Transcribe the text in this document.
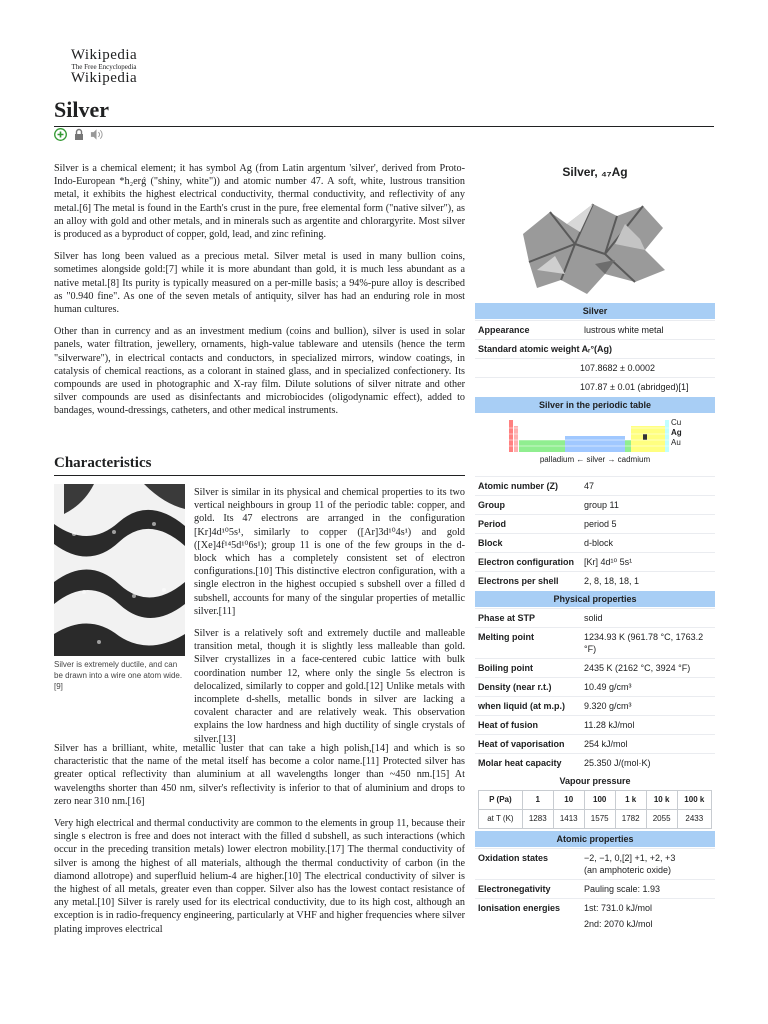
Wikipedia
The Free Encyclopedia
Wikipedia
Silver

Silver is a chemical element; it has symbol Ag (from Latin argentum 'silver', derived from Proto-Indo-European *h₂erǵ ("shiny, white")) and atomic number 47. A soft, white, lustrous transition metal, it exhibits the highest electrical conductivity, thermal conductivity, and reflectivity of any metal.[6] The metal is found in the Earth's crust in the pure, free elemental form ("native silver"), as an alloy with gold and other metals, and in minerals such as argentite and chlorargyrite. Most silver is produced as a byproduct of copper, gold, lead, and zinc refining.

Silver has long been valued as a precious metal. Silver metal is used in many bullion coins, sometimes alongside gold:[7] while it is more abundant than gold, it is much less abundant as a native metal.[8] Its purity is typically measured on a per-mille basis; a 94%-pure alloy is described as "0.940 fine". As one of the seven metals of antiquity, silver has had an enduring role in most human cultures.

Other than in currency and as an investment medium (coins and bullion), silver is used in solar panels, water filtration, jewellery, ornaments, high-value tableware and utensils (hence the term "silverware"), in electrical contacts and conductors, in specialized mirrors, window coatings, in catalysis of chemical reactions, as a colorant in stained glass, and in specialized confectionery. Its compounds are used in photographic and X-ray film. Dilute solutions of silver nitrate and other silver compounds are used as disinfectants and microbiocides (oligodynamic effect), added to bandages, wound-dressings, catheters, and other medical instruments.

Characteristics
Silver is extremely ductile, and can be drawn into a wire one atom wide.[9]

Silver is similar in its physical and chemical properties to its two vertical neighbours in group 11 of the periodic table: copper, and gold. Its 47 electrons are arranged in the configuration [Kr]4d¹⁰5s¹, similarly to copper ([Ar]3d¹⁰4s¹) and gold ([Xe]4f¹⁴5d¹⁰6s¹); group 11 is one of the few groups in the d-block which has a completely consistent set of electron configurations.[10] This distinctive electron configuration, with a single electron in the highest occupied s subshell over a filled d subshell, accounts for many of the singular properties of metallic silver.[11]

Silver is a relatively soft and extremely ductile and malleable transition metal, though it is slightly less malleable than gold. Silver crystallizes in a face-centered cubic lattice with bulk coordination number 12, where only the single 5s electron is delocalized, similarly to copper and gold.[12] Unlike metals with incomplete d-shells, metallic bonds in silver are lacking a covalent character and are relatively weak. This observation explains the low hardness and high ductility of single crystals of silver.[13]

Silver has a brilliant, white, metallic luster that can take a high polish,[14] and which is so characteristic that the name of the metal itself has become a color name.[11] Protected silver has greater optical reflectivity than aluminium at all wavelengths longer than ~450 nm.[15] At wavelengths shorter than 450 nm, silver's reflectivity is inferior to that of aluminium and drops to zero near 310 nm.[16]

Very high electrical and thermal conductivity are common to the elements in group 11, because their single s electron is free and does not interact with the filled d subshell, as such interactions (which occur in the preceding transition metals) lower electron mobility.[17] The thermal conductivity of silver is among the highest of all materials, although the thermal conductivity of carbon (in the diamond allotrope) and superfluid helium-4 are higher.[10] The electrical conductivity of silver is the highest of all metals, greater even than copper. Silver also has the lowest contact resistance of any metal.[10] Silver is rarely used for its electrical conductivity, due to its high cost, although an exception is in radio-frequency engineering, particularly at VHF and higher frequencies where silver plating improves electrical

Silver, ₄₇Ag
Silver
Appearance	lustrous white metal
Standard atomic weight Aᵣ°(Ag)
107.8682 ± 0.0002
107.87 ± 0.01 (abridged)[1]
Silver in the periodic table
Cu
Ag
Au
palladium ← silver → cadmium
Atomic number (Z)	47
Group	group 11
Period	period 5
Block	d-block
Electron configuration	[Kr] 4d¹⁰ 5s¹
Electrons per shell	2, 8, 18, 18, 1
Physical properties
Phase at STP	solid
Melting point	1234.93 K (961.78 °C, 1763.2 °F)
Boiling point	2435 K (2162 °C, 3924 °F)
Density (near r.t.)	10.49 g/cm³
when liquid (at m.p.)	9.320 g/cm³
Heat of fusion	11.28 kJ/mol
Heat of vaporisation	254 kJ/mol
Molar heat capacity	25.350 J/(mol·K)
Vapour pressure
P (Pa)	1	10	100	1 k	10 k	100 k
at T (K)	1283	1413	1575	1782	2055	2433
Atomic properties
Oxidation states	−2, −1, 0,[2] +1, +2, +3
(an amphoteric oxide)
Electronegativity	Pauling scale: 1.93
Ionisation energies	1st: 731.0 kJ/mol
2nd: 2070 kJ/mol
